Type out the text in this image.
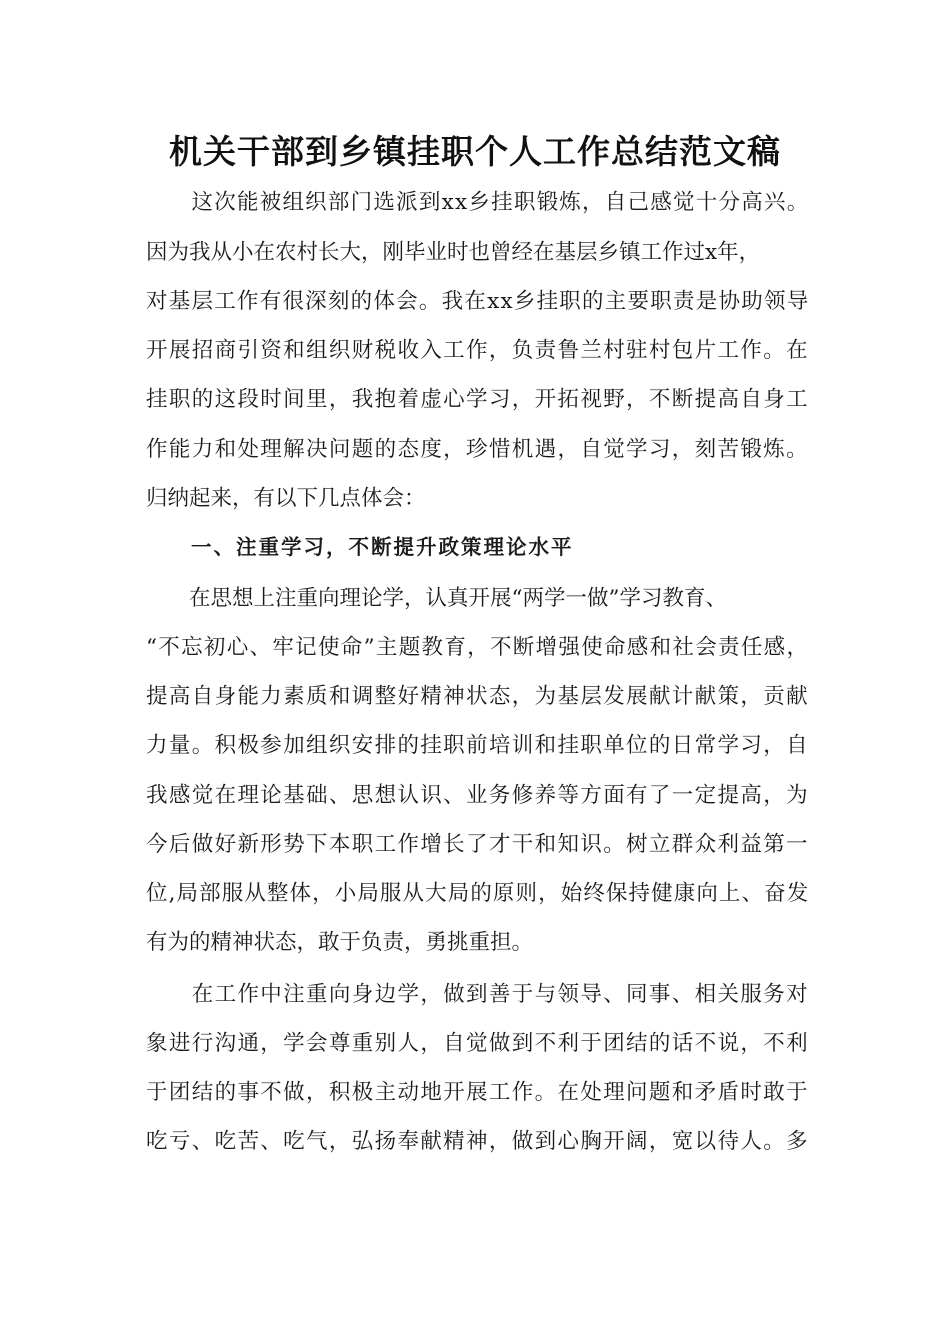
机关干部到乡镇挂职个人工作总结范文稿
　　这次能被组织部门选派到xx乡挂职锻炼，自己感觉十分高兴。
因为我从小在农村长大，刚毕业时也曾经在基层乡镇工作过x年，
对基层工作有很深刻的体会。我在xx乡挂职的主要职责是协助领导
开展招商引资和组织财税收入工作，负责鲁兰村驻村包片工作。在
挂职的这段时间里，我抱着虚心学习，开拓视野，不断提高自身工
作能力和处理解决问题的态度，珍惜机遇，自觉学习，刻苦锻炼。
归纳起来，有以下几点体会：
　　一、注重学习，不断提升政策理论水平
　　在思想上注重向理论学，认真开展“两学一做”学习教育、
“不忘初心、牢记使命”主题教育，不断增强使命感和社会责任感，
提高自身能力素质和调整好精神状态，为基层发展献计献策，贡献
力量。积极参加组织安排的挂职前培训和挂职单位的日常学习，自
我感觉在理论基础、思想认识、业务修养等方面有了一定提高，为
今后做好新形势下本职工作增长了才干和知识。树立群众利益第一
位,局部服从整体，小局服从大局的原则，始终保持健康向上、奋发
有为的精神状态，敢于负责，勇挑重担。
　　在工作中注重向身边学，做到善于与领导、同事、相关服务对
象进行沟通，学会尊重别人，自觉做到不利于团结的话不说，不利
于团结的事不做，积极主动地开展工作。在处理问题和矛盾时敢于
吃亏、吃苦、吃气，弘扬奉献精神，做到心胸开阔，宽以待人。多
